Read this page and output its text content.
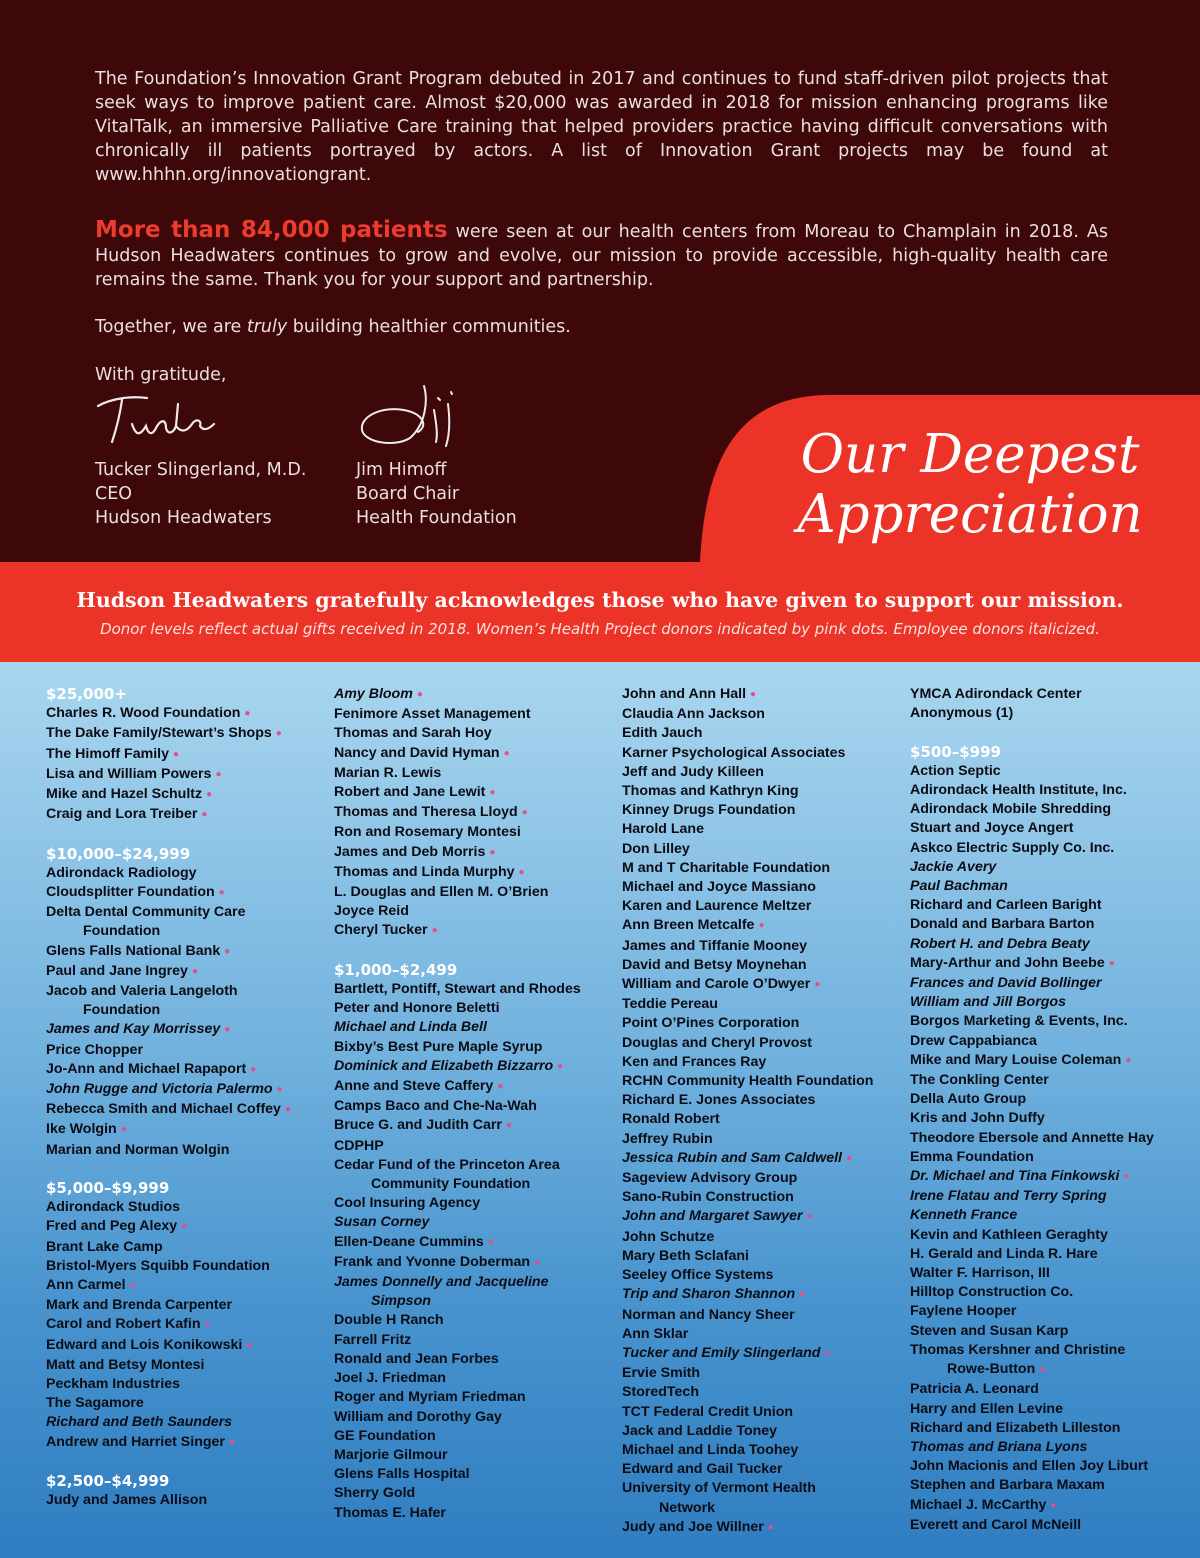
The Foundation’s Innovation Grant Program debuted in 2017 and continues to fund staff-driven pilot projects that seek ways to improve patient care. Almost $20,000 was awarded in 2018 for mission enhancing programs like VitalTalk, an immersive Palliative Care training that helped providers practice having difficult conversations with chronically ill patients portrayed by actors. A list of Innovation Grant projects may be found at www.hhhn.org/innovationgrant.

More than 84,000 patients were seen at our health centers from Moreau to Champlain in 2018. As Hudson Headwaters continues to grow and evolve, our mission to provide accessible, high-quality health care remains the same. Thank you for your support and partnership.

Together, we are truly building healthier communities.

With gratitude,

Tucker Slingerland, M.D.
CEO
Hudson Headwaters
Jim Himoff
Board Chair
Health Foundation
Our Deepest
Appreciation
Hudson Headwaters gratefully acknowledges those who have given to support our mission.
Donor levels reflect actual gifts received in 2018. Women’s Health Project donors indicated by pink dots. Employee donors italicized.
$25,000+
Charles R. Wood Foundation ●
The Dake Family/Stewart’s Shops ●
The Himoff Family ●
Lisa and William Powers ●
Mike and Hazel Schultz ●
Craig and Lora Treiber ●
$10,000–$24,999
Adirondack Radiology
Cloudsplitter Foundation ●
Delta Dental Community Care
Foundation
Glens Falls National Bank ●
Paul and Jane Ingrey ●
Jacob and Valeria Langeloth
Foundation
James and Kay Morrissey ●
Price Chopper
Jo-Ann and Michael Rapaport ●
John Rugge and Victoria Palermo ●
Rebecca Smith and Michael Coffey ●
Ike Wolgin ●
Marian and Norman Wolgin
$5,000–$9,999
Adirondack Studios
Fred and Peg Alexy ●
Brant Lake Camp
Bristol-Myers Squibb Foundation
Ann Carmel ●
Mark and Brenda Carpenter
Carol and Robert Kafin ●
Edward and Lois Konikowski ●
Matt and Betsy Montesi
Peckham Industries
The Sagamore
Richard and Beth Saunders
Andrew and Harriet Singer ●
$2,500–$4,999
Judy and James Allison
Amy Bloom ●
Fenimore Asset Management
Thomas and Sarah Hoy
Nancy and David Hyman ●
Marian R. Lewis
Robert and Jane Lewit ●
Thomas and Theresa Lloyd ●
Ron and Rosemary Montesi
James and Deb Morris ●
Thomas and Linda Murphy ●
L. Douglas and Ellen M. O’Brien
Joyce Reid
Cheryl Tucker ●
$1,000–$2,499
Bartlett, Pontiff, Stewart and Rhodes
Peter and Honore Beletti
Michael and Linda Bell
Bixby’s Best Pure Maple Syrup
Dominick and Elizabeth Bizzarro ●
Anne and Steve Caffery ●
Camps Baco and Che-Na-Wah
Bruce G. and Judith Carr ●
CDPHP
Cedar Fund of the Princeton Area
Community Foundation
Cool Insuring Agency
Susan Corney
Ellen-Deane Cummins ●
Frank and Yvonne Doberman ●
James Donnelly and Jacqueline
Simpson
Double H Ranch
Farrell Fritz
Ronald and Jean Forbes
Joel J. Friedman
Roger and Myriam Friedman
William and Dorothy Gay
GE Foundation
Marjorie Gilmour
Glens Falls Hospital
Sherry Gold
Thomas E. Hafer
John and Ann Hall ●
Claudia Ann Jackson
Edith Jauch
Karner Psychological Associates
Jeff and Judy Killeen
Thomas and Kathryn King
Kinney Drugs Foundation
Harold Lane
Don Lilley
M and T Charitable Foundation
Michael and Joyce Massiano
Karen and Laurence Meltzer
Ann Breen Metcalfe ●
James and Tiffanie Mooney
David and Betsy Moynehan
William and Carole O’Dwyer ●
Teddie Pereau
Point O’Pines Corporation
Douglas and Cheryl Provost
Ken and Frances Ray
RCHN Community Health Foundation
Richard E. Jones Associates
Ronald Robert
Jeffrey Rubin
Jessica Rubin and Sam Caldwell ●
Sageview Advisory Group
Sano-Rubin Construction
John and Margaret Sawyer ●
John Schutze
Mary Beth Sclafani
Seeley Office Systems
Trip and Sharon Shannon ●
Norman and Nancy Sheer
Ann Sklar
Tucker and Emily Slingerland ●
Ervie Smith
StoredTech
TCT Federal Credit Union
Jack and Laddie Toney
Michael and Linda Toohey
Edward and Gail Tucker
University of Vermont Health
Network
Judy and Joe Willner ●
YMCA Adirondack Center
Anonymous (1)
$500–$999
Action Septic
Adirondack Health Institute, Inc.
Adirondack Mobile Shredding
Stuart and Joyce Angert
Askco Electric Supply Co. Inc.
Jackie Avery
Paul Bachman
Richard and Carleen Baright
Donald and Barbara Barton
Robert H. and Debra Beaty
Mary-Arthur and John Beebe ●
Frances and David Bollinger
William and Jill Borgos
Borgos Marketing & Events, Inc.
Drew Cappabianca
Mike and Mary Louise Coleman ●
The Conkling Center
Della Auto Group
Kris and John Duffy
Theodore Ebersole and Annette Hay
Emma Foundation
Dr. Michael and Tina Finkowski ●
Irene Flatau and Terry Spring
Kenneth France
Kevin and Kathleen Geraghty
H. Gerald and Linda R. Hare
Walter F. Harrison, III
Hilltop Construction Co.
Faylene Hooper
Steven and Susan Karp
Thomas Kershner and Christine
Rowe-Button ●
Patricia A. Leonard
Harry and Ellen Levine
Richard and Elizabeth Lilleston
Thomas and Briana Lyons
John Macionis and Ellen Joy Liburt
Stephen and Barbara Maxam
Michael J. McCarthy ●
Everett and Carol McNeill
